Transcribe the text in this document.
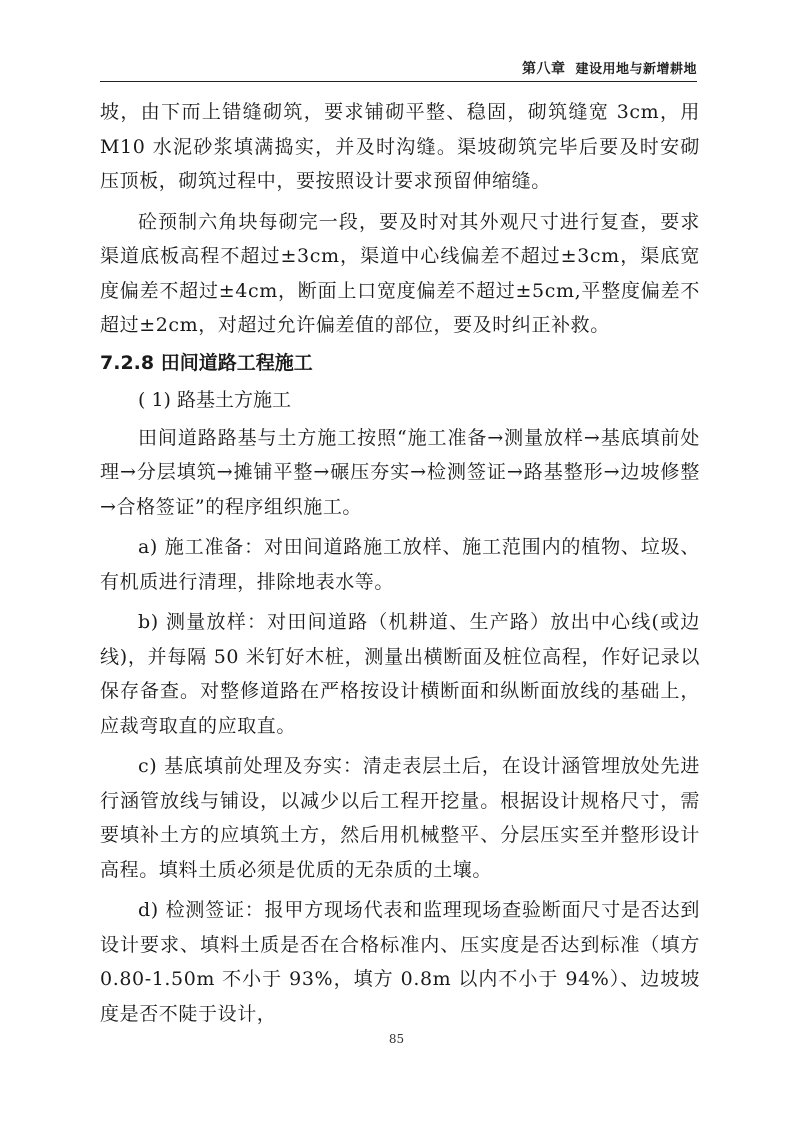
第八章 建设用地与新增耕地

坡，由下而上错缝砌筑，要求铺砌平整、稳固，砌筑缝宽 3cm，用 M10 水泥砂浆填满捣实，并及时沟缝。渠坡砌筑完毕后要及时安砌压顶板，砌筑过程中，要按照设计要求预留伸缩缝。

砼预制六角块每砌完一段，要及时对其外观尺寸进行复查，要求渠道底板高程不超过±3cm，渠道中心线偏差不超过±3cm，渠底宽度偏差不超过±4cm，断面上口宽度偏差不超过±5cm,平整度偏差不超过±2cm，对超过允许偏差值的部位，要及时纠正补救。

7.2.8 田间道路工程施工
( 1) 路基土方施工

田间道路路基与土方施工按照“施工准备→测量放样→基底填前处理→分层填筑→摊铺平整→碾压夯实→检测签证→路基整形→边坡修整→合格签证”的程序组织施工。

a) 施工准备：对田间道路施工放样、施工范围内的植物、垃圾、有机质进行清理，排除地表水等。

b) 测量放样：对田间道路（机耕道、生产路）放出中心线(或边线)，并每隔 50 米钉好木桩，测量出横断面及桩位高程，作好记录以保存备查。对整修道路在严格按设计横断面和纵断面放线的基础上，应裁弯取直的应取直。

c) 基底填前处理及夯实：清走表层土后，在设计涵管埋放处先进行涵管放线与铺设，以减少以后工程开挖量。根据设计规格尺寸，需要填补土方的应填筑土方，然后用机械整平、分层压实至并整形设计高程。填料土质必须是优质的无杂质的土壤。

d) 检测签证：报甲方现场代表和监理现场查验断面尺寸是否达到设计要求、填料土质是否在合格标准内、压实度是否达到标准（填方 0.80-1.50m 不小于 93%，填方 0.8m 以内不小于 94%）、边坡坡度是否不陡于设计，

85
